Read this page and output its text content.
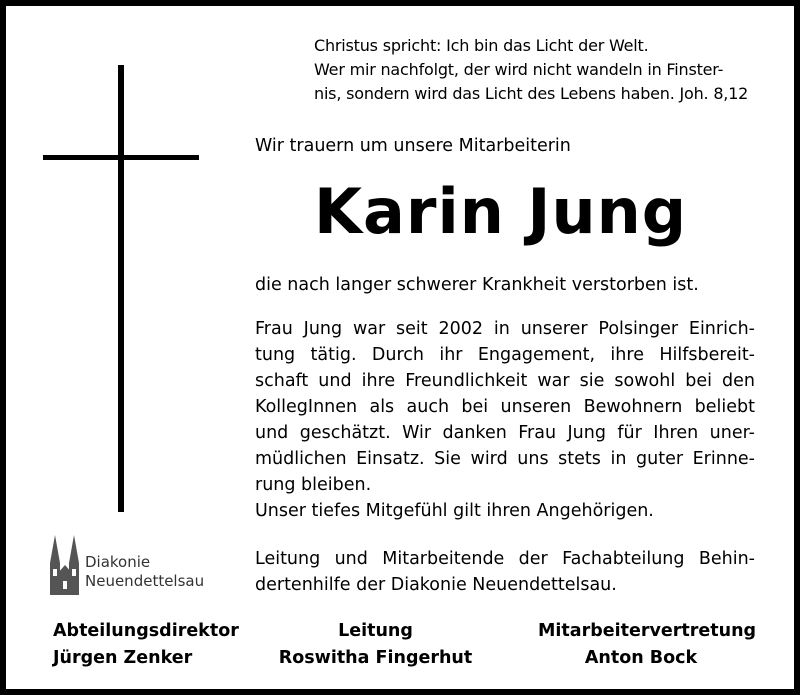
Christus spricht: Ich bin das Licht der Welt.
Wer mir nachfolgt, der wird nicht wandeln in Finster-
nis, sondern wird das Licht des Lebens haben. Joh. 8,12
Wir trauern um unsere Mitarbeiterin
Karin Jung
die nach langer schwerer Krankheit verstorben ist.
Frau Jung war seit 2002 in unserer Polsinger Einrich-
tung tätig. Durch ihr Engagement, ihre Hilfsbereit-
schaft und ihre Freundlichkeit war sie sowohl bei den
KollegInnen als auch bei unseren Bewohnern beliebt
und geschätzt. Wir danken Frau Jung für Ihren uner-
müdlichen Einsatz. Sie wird uns stets in guter Erinne-
rung bleiben.
Unser tiefes Mitgefühl gilt ihren Angehörigen.
Leitung und Mitarbeitende der Fachabteilung Behin-
dertenhilfe der Diakonie Neuendettelsau.
Diakonie
Neuendettelsau
Abteilungsdirektor
Jürgen Zenker
Leitung
Roswitha Fingerhut
Mitarbeitervertretung
Anton Bock
